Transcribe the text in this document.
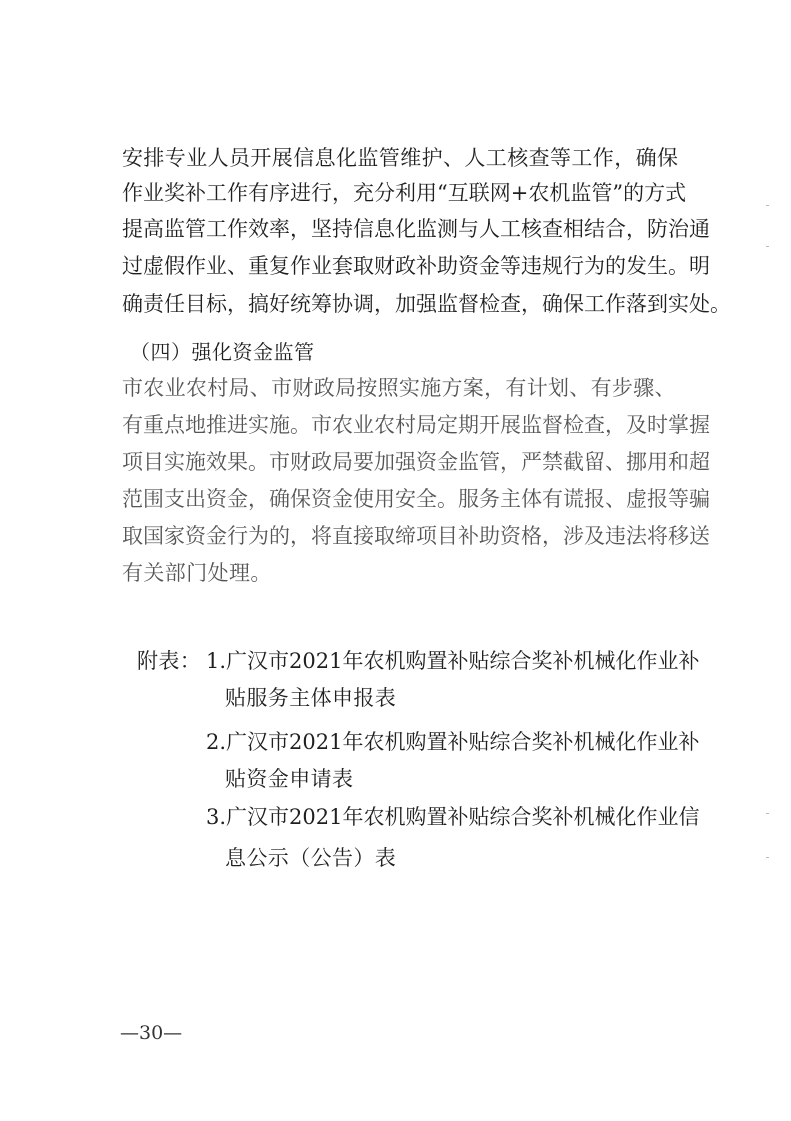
安排专业人员开展信息化监管维护、人工核查等工作，确保
作业奖补工作有序进行，充分利用“互联网+农机监管”的方式
提高监管工作效率，坚持信息化监测与人工核查相结合，防治通
过虚假作业、重复作业套取财政补助资金等违规行为的发生。明
确责任目标，搞好统筹协调，加强监督检查，确保工作落到实处。
（四）强化资金监管
市农业农村局、市财政局按照实施方案，有计划、有步骤、
有重点地推进实施。市农业农村局定期开展监督检查，及时掌握
项目实施效果。市财政局要加强资金监管，严禁截留、挪用和超
范围支出资金，确保资金使用安全。服务主体有谎报、虚报等骗
取国家资金行为的，将直接取缔项目补助资格，涉及违法将移送
有关部门处理。
附表： 1.广汉市2021年农机购置补贴综合奖补机械化作业补
贴服务主体申报表
2.广汉市2021年农机购置补贴综合奖补机械化作业补
贴资金申请表
3.广汉市2021年农机购置补贴综合奖补机械化作业信
息公示（公告）表
—30—
